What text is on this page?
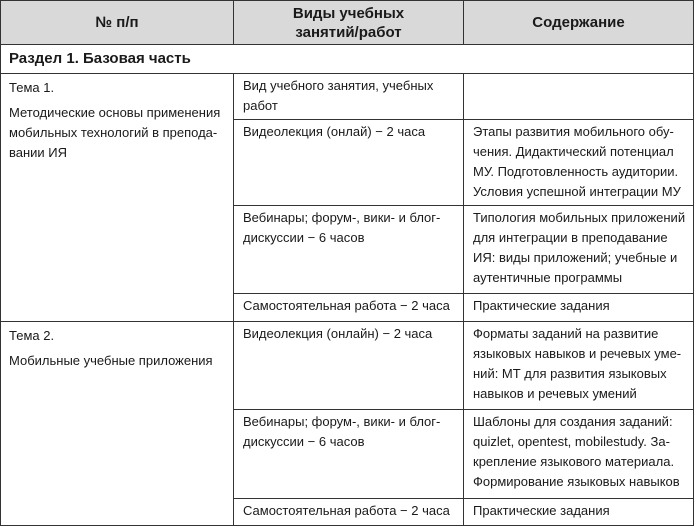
№ п/п	Виды учебных занятий/работ	Содержание
Раздел 1. Базовая часть		

Тема 1.
Методические основы применения мобильных технологий в препода-вании ИЯ	Вид учебного занятия, учебных работ	
	Видеолекция (онлай) − 2 часа	Этапы развития мобильного обу-чения. Дидактический потенциал МУ. Подготовленность аудитории. Условия успешной интеграции МУ
	Вебинары; форум-, вики- и блог-дискуссии − 6 часов	Типология мобильных приложений для интеграции в преподавание ИЯ: виды приложений; учебные и аутентичные программы
	Самостоятельная работа − 2 часа	Практические задания

Тема 2.
Мобильные учебные приложения	Видеолекция (онлайн) − 2 часа	Форматы заданий на развитие языковых навыков и речевых уме-ний: МТ для развития языковых навыков и речевых умений
	Вебинары; форум-, вики- и блог-дискуссии − 6 часов	Шаблоны для создания заданий: quizlet, opentest, mobilestudy. За-крепление языкового материала. Формирование языковых навыков
	Самостоятельная работа − 2 часа	Практические задания
